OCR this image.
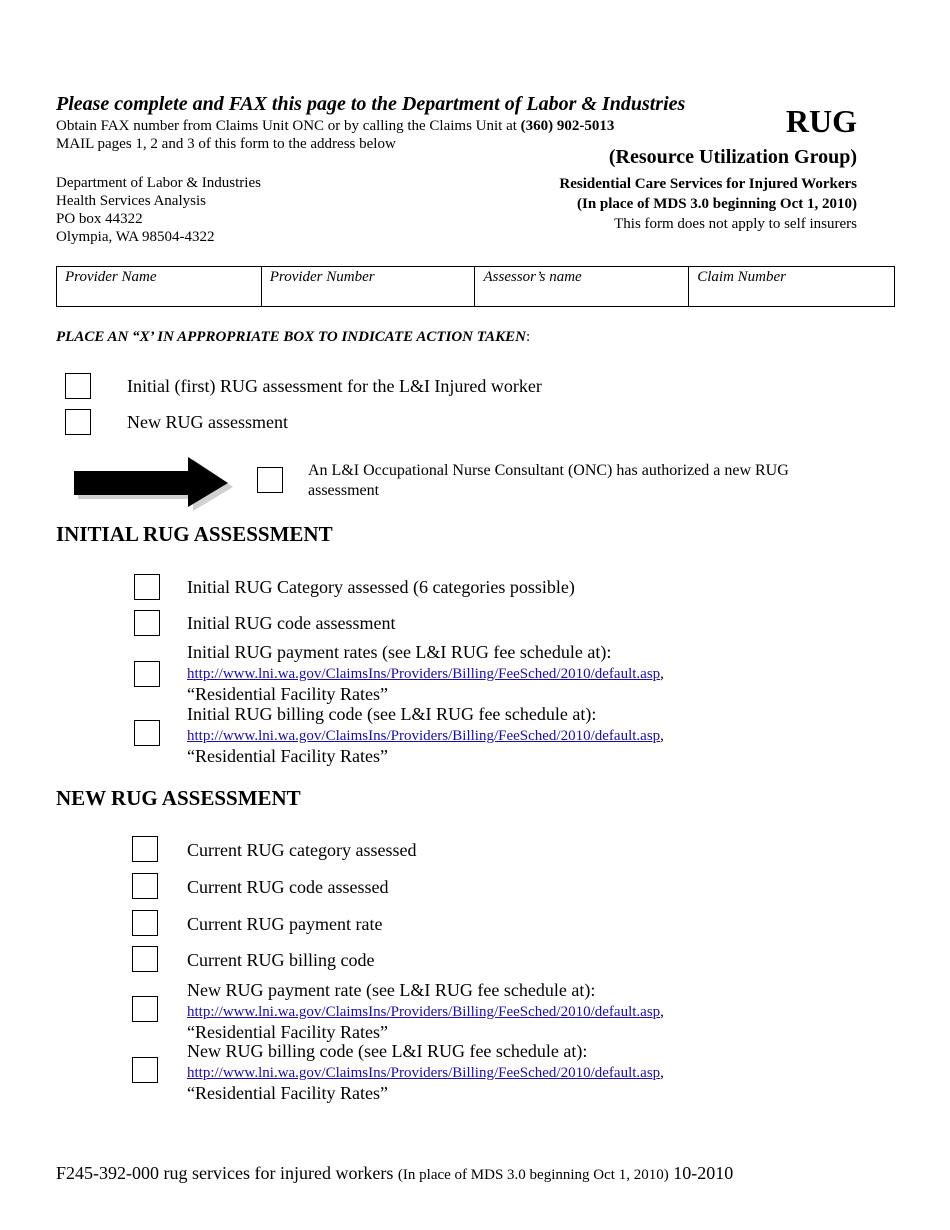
Please complete and FAX this page to the Department of Labor & Industries
Obtain FAX number from Claims Unit ONC or by calling the Claims Unit at (360) 902-5013
MAIL pages 1, 2 and 3 of this form to the address below
Department of Labor & Industries
Health Services Analysis
PO box 44322
Olympia, WA 98504-4322
RUG
(Resource Utilization Group)
Residential Care Services for Injured Workers
(In place of MDS 3.0 beginning Oct 1, 2010)
This form does not apply to self insurers
Provider Name	Provider Number	Assessor’s name	Claim Number
PLACE AN “X’ IN APPROPRIATE BOX TO INDICATE ACTION TAKEN:
Initial (first) RUG assessment for the L&I Injured worker
New RUG assessment
An L&I Occupational Nurse Consultant (ONC) has authorized a new RUG
assessment
INITIAL RUG ASSESSMENT
Initial RUG Category assessed (6 categories possible)
Initial RUG code assessment
Initial RUG payment rates (see L&I RUG fee schedule at):
http://www.lni.wa.gov/ClaimsIns/Providers/Billing/FeeSched/2010/default.asp,
“Residential Facility Rates”
Initial RUG billing code (see L&I RUG fee schedule at):
http://www.lni.wa.gov/ClaimsIns/Providers/Billing/FeeSched/2010/default.asp,
“Residential Facility Rates”
NEW RUG ASSESSMENT
Current RUG category assessed
Current RUG code assessed
Current RUG payment rate
Current RUG billing code
New RUG payment rate (see L&I RUG fee schedule at):
http://www.lni.wa.gov/ClaimsIns/Providers/Billing/FeeSched/2010/default.asp,
“Residential Facility Rates”
New RUG billing code (see L&I RUG fee schedule at):
http://www.lni.wa.gov/ClaimsIns/Providers/Billing/FeeSched/2010/default.asp,
“Residential Facility Rates”
F245-392-000 rug services for injured workers (In place of MDS 3.0 beginning Oct 1, 2010) 10-2010
